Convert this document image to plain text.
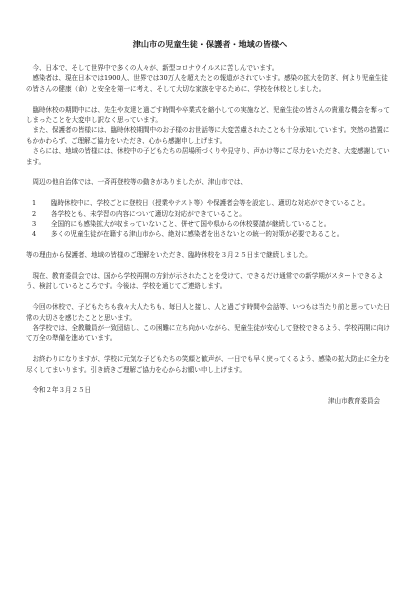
津山市の児童生徒・保護者・地域の皆様へ

今、日本で、そして世界中で多くの人々が、新型コロナウイルスに苦しんでいます。

感染者は、現在日本では1900人、世界では30万人を超えたとの報道がされています。感染の拡大を防ぎ、何より児童生徒の皆さんの健康（命）と安全を第一に考え、そして大切な家族を守るために、学校を休校としました。

臨時休校の期間中には、先生や友達と過ごす時間や卒業式を縮小しての実施など、児童生徒の皆さんの貴重な機会を奪ってしまったことを大変申し訳なく思っています。

また、保護者の皆様には、臨時休校期間中のお子様のお世話等に大変苦慮されたことも十分承知しています。突然の措置にもかかわらず、ご理解ご協力をいただき、心から感謝申し上げます。

さらには、地域の皆様には、休校中の子どもたちの居場所づくりや見守り、声かけ等にご尽力をいただき、大変感謝しています。

周辺の他自治体では、一斉再登校等の動きがありましたが、津山市では、

1	臨時休校中に、学校ごとに登校日（授業やテスト等）や保護者会等を設定し、適切な対応ができていること。
2	各学校とも、未学習の内容について適切な対応ができていること。
3	全国的にも感染拡大が収まっていないこと、併せて国や県からの休校要請が継続していること。
4	多くの児童生徒が在籍する津山市から、絶対に感染者を出さないとの統一的対策が必要であること。

等の理由から保護者、地域の皆様のご理解をいただき、臨時休校を３月２５日まで継続しました。

現在、教育委員会では、国から学校再開の方針が示されたことを受けて、できるだけ通常での新学期がスタートできるよう、検討しているところです。今後は、学校を通じてご連絡します。

今回の休校で、子どもたちも我々大人たちも、毎日人と接し、人と過ごす時間や会話等、いつもは当たり前と思っていた日常の大切さを感じたことと思います。

各学校では、全教職員が一致団結し、この困難に立ち向かいながら、児童生徒が安心して登校できるよう、学校再開に向けて万全の準備を進めています。

お終わりになりますが、学校に元気な子どもたちの笑顔と歓声が、一日でも早く戻ってくるよう、感染の拡大防止に全力を尽くしてまいります。引き続きご理解ご協力を心からお願い申し上げます。

令和２年３月２５日
津山市教育委員会
